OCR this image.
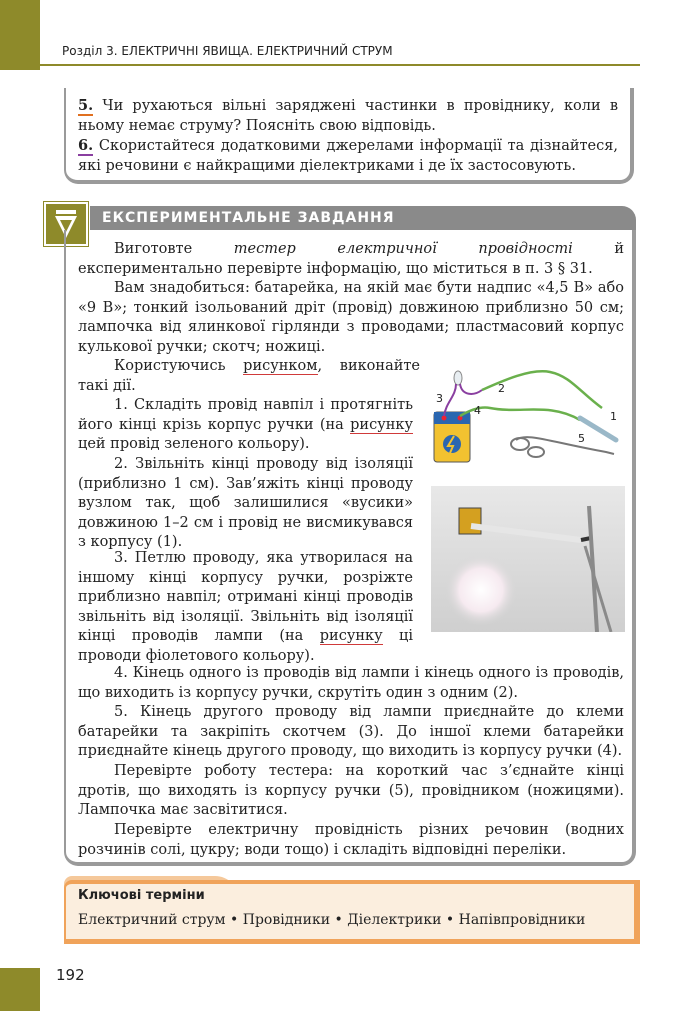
Розділ 3. ЕЛЕКТРИЧНІ ЯВИЩА. ЕЛЕКТРИЧНИЙ СТРУМ

5. Чи рухаються вільні заряджені частинки в провіднику, коли в ньому немає струму? Поясніть свою відповідь.

6. Скористайтеся додатковими джерелами інформації та дізнайтеся, які речовини є найкращими діелектриками і де їх застосовують.

ЕКСПЕРИМЕНТАЛЬНЕ ЗАВДАННЯ

Виготовте тестер електричної провідності й експериментально перевірте інформацію, що міститься в п. 3 § 31.

Вам знадобиться: батарейка, на якій має бути надпис «4,5 В» або «9 В»; тонкий ізольований дріт (провід) довжиною приблизно 50 см; лампочка від ялинкової гірлянди з проводами; пластмасовий корпус кулькової ручки; скотч; ножиці.

Користуючись рисунком, виконайте такі дії.

1. Складіть провід навпіл і протягніть його кінці крізь корпус ручки (на рисунку цей провід зеленого кольору).

2. Звільніть кінці проводу від ізоляції (приблизно 1 см). Зав’яжіть кінці проводу вузлом так, щоб залишилися «вусики» довжиною 1–2 см і провід не висмикувався з корпусу (1).

3. Петлю проводу, яка утворилася на іншому кінці корпусу ручки, розріжте приблизно навпіл; отримані кінці проводів звільніть від ізоляції. Звільніть від ізоляції кінці проводів лампи (на рисунку ці проводи фіолетового кольору).

4. Кінець одного із проводів від лампи і кінець одного із проводів, що виходить із корпусу ручки, скрутіть один з одним (2).

5. Кінець другого проводу від лампи приєднайте до клеми батарейки та закріпіть скотчем (3). До іншої клеми батарейки приєднайте кінець другого проводу, що виходить із корпусу ручки (4).

Перевірте роботу тестера: на короткий час з’єднайте кінці дротів, що виходять із корпусу ручки (5), провідником (ножицями). Лампочка має засвітитися.

Перевірте електричну провідність різних речовин (водних розчинів солі, цукру; води тощо) і складіть відповідні переліки.

1
2
3
4
5
Ключові терміни
Електричний струм • Провідники • Діелектрики • Напівпровідники
192
